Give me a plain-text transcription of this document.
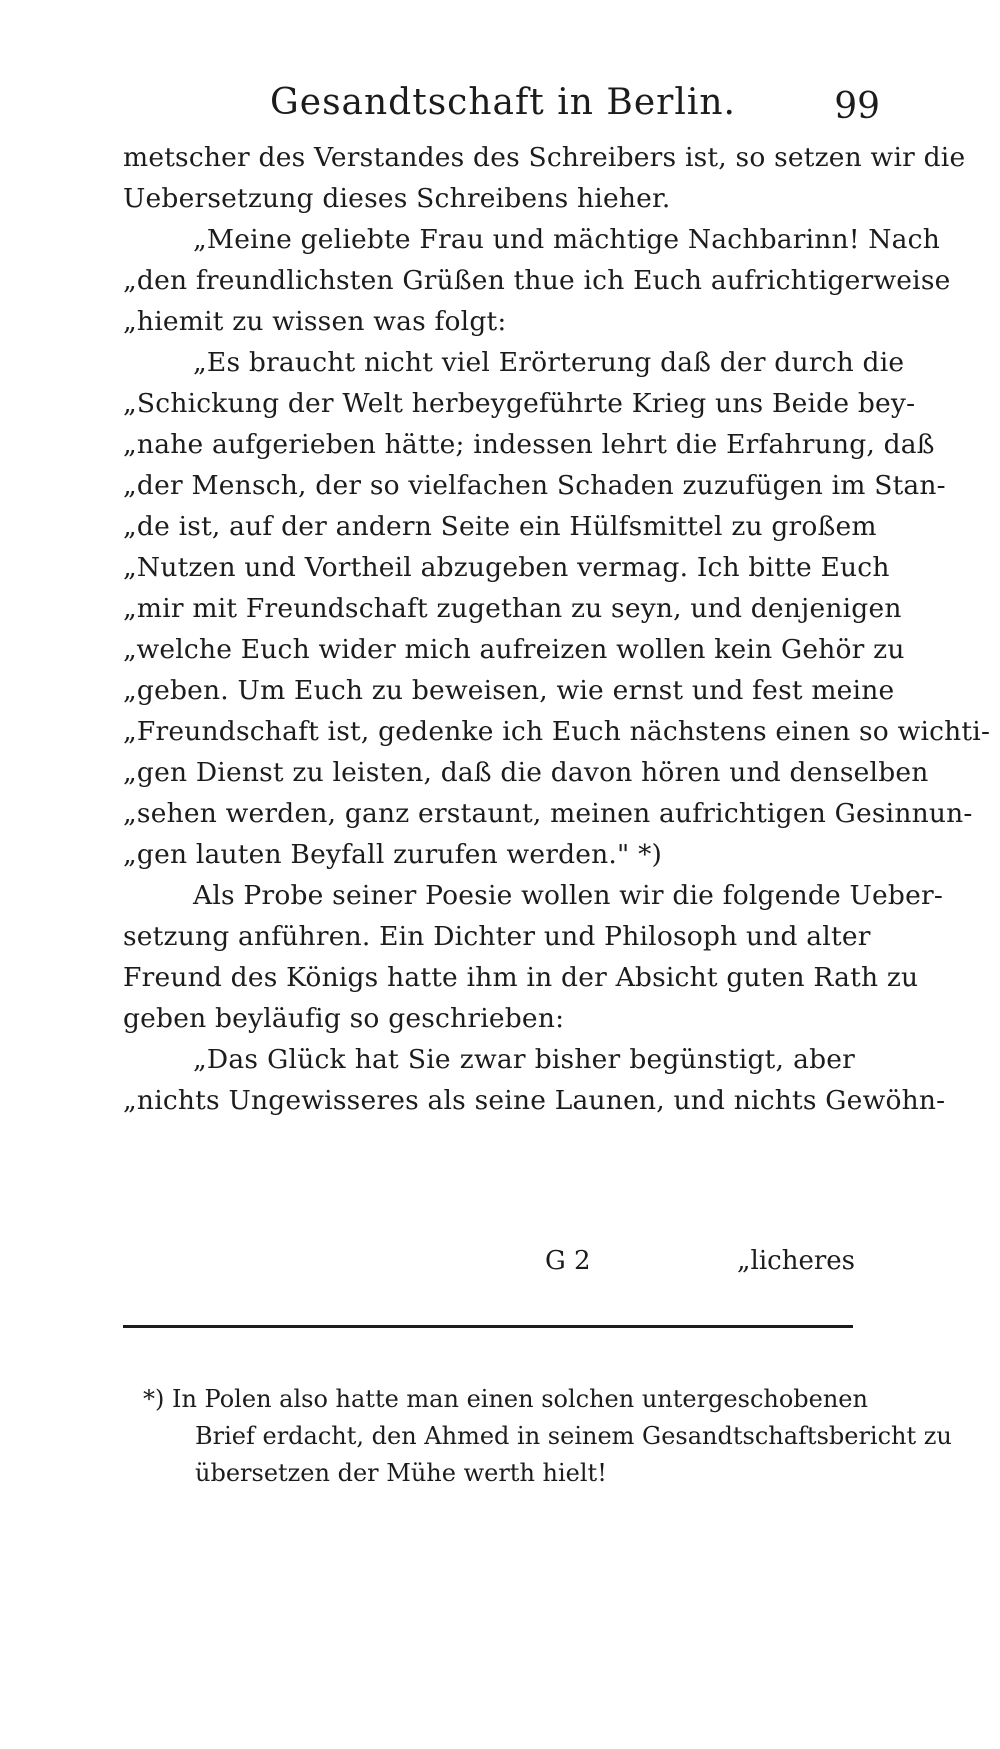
Gesandtschaft in Berlin.	99
metscher des Verstandes des Schreibers ist, so setzen wir die
Uebersetzung dieses Schreibens hieher.
„Meine geliebte Frau und mächtige Nachbarinn! Nach
„den freundlichsten Grüßen thue ich Euch aufrichtigerweise
„hiemit zu wissen was folgt:
„Es braucht nicht viel Erörterung daß der durch die
„Schickung der Welt herbeygeführte Krieg uns Beide bey-
„nahe aufgerieben hätte; indessen lehrt die Erfahrung, daß
„der Mensch, der so vielfachen Schaden zuzufügen im Stan-
„de ist, auf der andern Seite ein Hülfsmittel zu großem
„Nutzen und Vortheil abzugeben vermag. Ich bitte Euch
„mir mit Freundschaft zugethan zu seyn, und denjenigen
„welche Euch wider mich aufreizen wollen kein Gehör zu
„geben. Um Euch zu beweisen, wie ernst und fest meine
„Freundschaft ist, gedenke ich Euch nächstens einen so wichti-
„gen Dienst zu leisten, daß die davon hören und denselben
„sehen werden, ganz erstaunt, meinen aufrichtigen Gesinnun-
„gen lauten Beyfall zurufen werden." *)
Als Probe seiner Poesie wollen wir die folgende Ueber-
setzung anführen. Ein Dichter und Philosoph und alter
Freund des Königs hatte ihm in der Absicht guten Rath zu
geben beyläufig so geschrieben:
„Das Glück hat Sie zwar bisher begünstigt, aber
„nichts Ungewisseres als seine Launen, und nichts Gewöhn-
G 2	„licheres
*) In Polen also hatte man einen solchen untergeschobenen
Brief erdacht, den Ahmed in seinem Gesandtschaftsbericht zu
übersetzen der Mühe werth hielt!
